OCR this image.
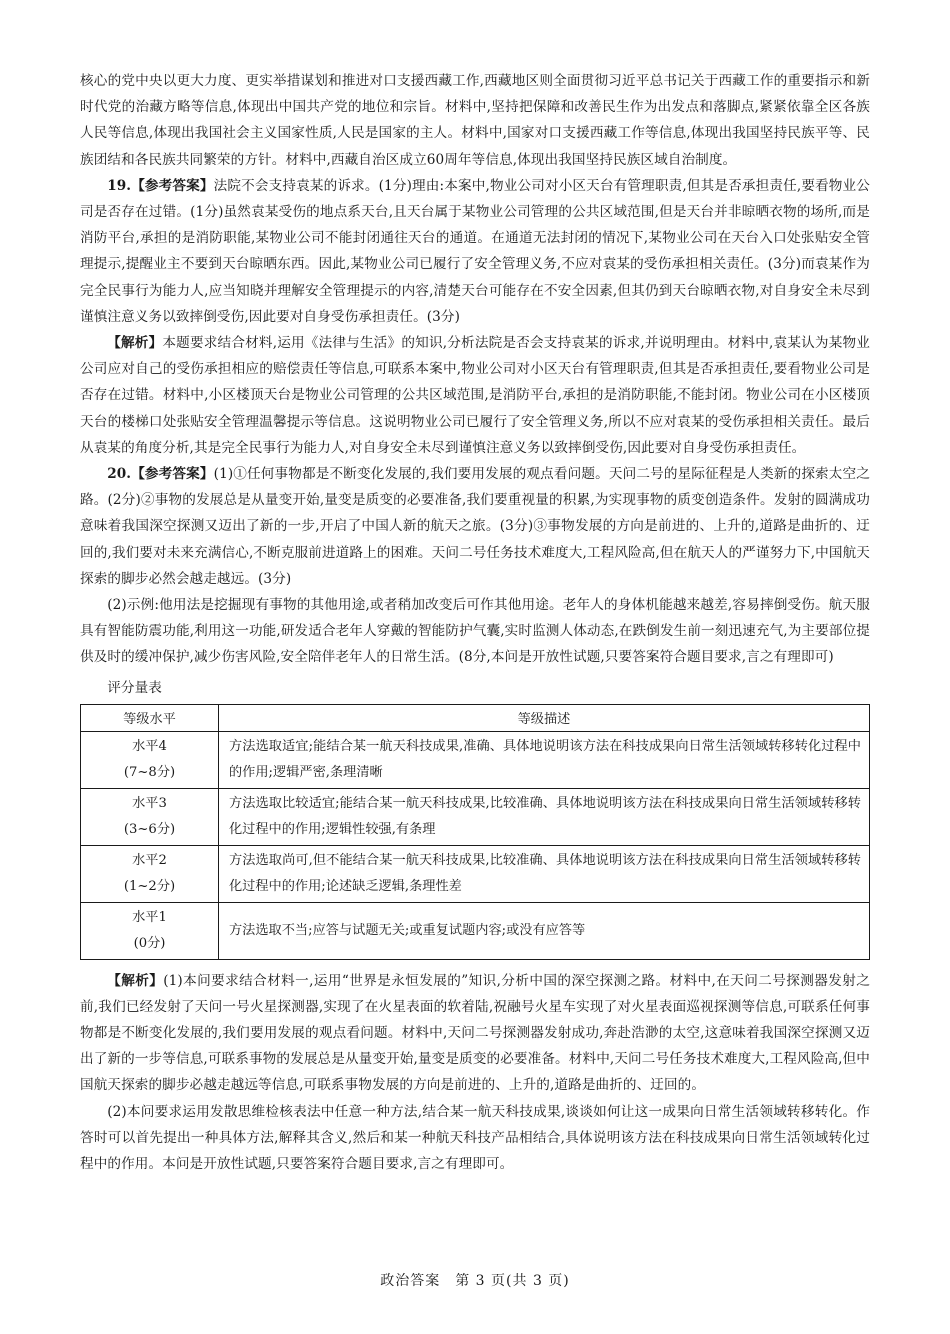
核心的党中央以更大力度、更实举措谋划和推进对口支援西藏工作,西藏地区则全面贯彻习近平总书记关于西藏工作的重要指示和新时代党的治藏方略等信息,体现出中国共产党的地位和宗旨。材料中,坚持把保障和改善民生作为出发点和落脚点,紧紧依靠全区各族人民等信息,体现出我国社会主义国家性质,人民是国家的主人。材料中,国家对口支援西藏工作等信息,体现出我国坚持民族平等、民族团结和各民族共同繁荣的方针。材料中,西藏自治区成立60周年等信息,体现出我国坚持民族区域自治制度。

19.【参考答案】法院不会支持袁某的诉求。(1分)理由:本案中,物业公司对小区天台有管理职责,但其是否承担责任,要看物业公司是否存在过错。(1分)虽然袁某受伤的地点系天台,且天台属于某物业公司管理的公共区域范围,但是天台并非晾晒衣物的场所,而是消防平台,承担的是消防职能,某物业公司不能封闭通往天台的通道。在通道无法封闭的情况下,某物业公司在天台入口处张贴安全管理提示,提醒业主不要到天台晾晒东西。因此,某物业公司已履行了安全管理义务,不应对袁某的受伤承担相关责任。(3分)而袁某作为完全民事行为能力人,应当知晓并理解安全管理提示的内容,清楚天台可能存在不安全因素,但其仍到天台晾晒衣物,对自身安全未尽到谨慎注意义务以致摔倒受伤,因此要对自身受伤承担责任。(3分)

【解析】本题要求结合材料,运用《法律与生活》的知识,分析法院是否会支持袁某的诉求,并说明理由。材料中,袁某认为某物业公司应对自己的受伤承担相应的赔偿责任等信息,可联系本案中,物业公司对小区天台有管理职责,但其是否承担责任,要看物业公司是否存在过错。材料中,小区楼顶天台是物业公司管理的公共区域范围,是消防平台,承担的是消防职能,不能封闭。物业公司在小区楼顶天台的楼梯口处张贴安全管理温馨提示等信息。这说明物业公司已履行了安全管理义务,所以不应对袁某的受伤承担相关责任。最后从袁某的角度分析,其是完全民事行为能力人,对自身安全未尽到谨慎注意义务以致摔倒受伤,因此要对自身受伤承担责任。

20.【参考答案】(1)①任何事物都是不断变化发展的,我们要用发展的观点看问题。天问二号的星际征程是人类新的探索太空之路。(2分)②事物的发展总是从量变开始,量变是质变的必要准备,我们要重视量的积累,为实现事物的质变创造条件。发射的圆满成功意味着我国深空探测又迈出了新的一步,开启了中国人新的航天之旅。(3分)③事物发展的方向是前进的、上升的,道路是曲折的、迂回的,我们要对未来充满信心,不断克服前进道路上的困难。天问二号任务技术难度大,工程风险高,但在航天人的严谨努力下,中国航天探索的脚步必然会越走越远。(3分)

(2)示例:他用法是挖掘现有事物的其他用途,或者稍加改变后可作其他用途。老年人的身体机能越来越差,容易摔倒受伤。航天服具有智能防震功能,利用这一功能,研发适合老年人穿戴的智能防护气囊,实时监测人体动态,在跌倒发生前一刻迅速充气,为主要部位提供及时的缓冲保护,减少伤害风险,安全陪伴老年人的日常生活。(8分,本问是开放性试题,只要答案符合题目要求,言之有理即可)

评分量表

等级水平	等级描述

水平4
(7~8分)	方法选取适宜;能结合某一航天科技成果,准确、具体地说明该方法在科技成果向日常生活领域转移转化过程中的作用;逻辑严密,条理清晰

水平3
(3~6分)	方法选取比较适宜;能结合某一航天科技成果,比较准确、具体地说明该方法在科技成果向日常生活领域转移转化过程中的作用;逻辑性较强,有条理

水平2
(1~2分)	方法选取尚可,但不能结合某一航天科技成果,比较准确、具体地说明该方法在科技成果向日常生活领域转移转化过程中的作用;论述缺乏逻辑,条理性差

水平1
(0分)	方法选取不当;应答与试题无关;或重复试题内容;或没有应答等

【解析】(1)本问要求结合材料一,运用“世界是永恒发展的”知识,分析中国的深空探测之路。材料中,在天问二号探测器发射之前,我们已经发射了天问一号火星探测器,实现了在火星表面的软着陆,祝融号火星车实现了对火星表面巡视探测等信息,可联系任何事物都是不断变化发展的,我们要用发展的观点看问题。材料中,天问二号探测器发射成功,奔赴浩渺的太空,这意味着我国深空探测又迈出了新的一步等信息,可联系事物的发展总是从量变开始,量变是质变的必要准备。材料中,天问二号任务技术难度大,工程风险高,但中国航天探索的脚步必越走越远等信息,可联系事物发展的方向是前进的、上升的,道路是曲折的、迂回的。

(2)本问要求运用发散思维检核表法中任意一种方法,结合某一航天科技成果,谈谈如何让这一成果向日常生活领域转移转化。作答时可以首先提出一种具体方法,解释其含义,然后和某一种航天科技产品相结合,具体说明该方法在科技成果向日常生活领域转化过程中的作用。本问是开放性试题,只要答案符合题目要求,言之有理即可。

政治答案　第 3 页(共 3 页)
